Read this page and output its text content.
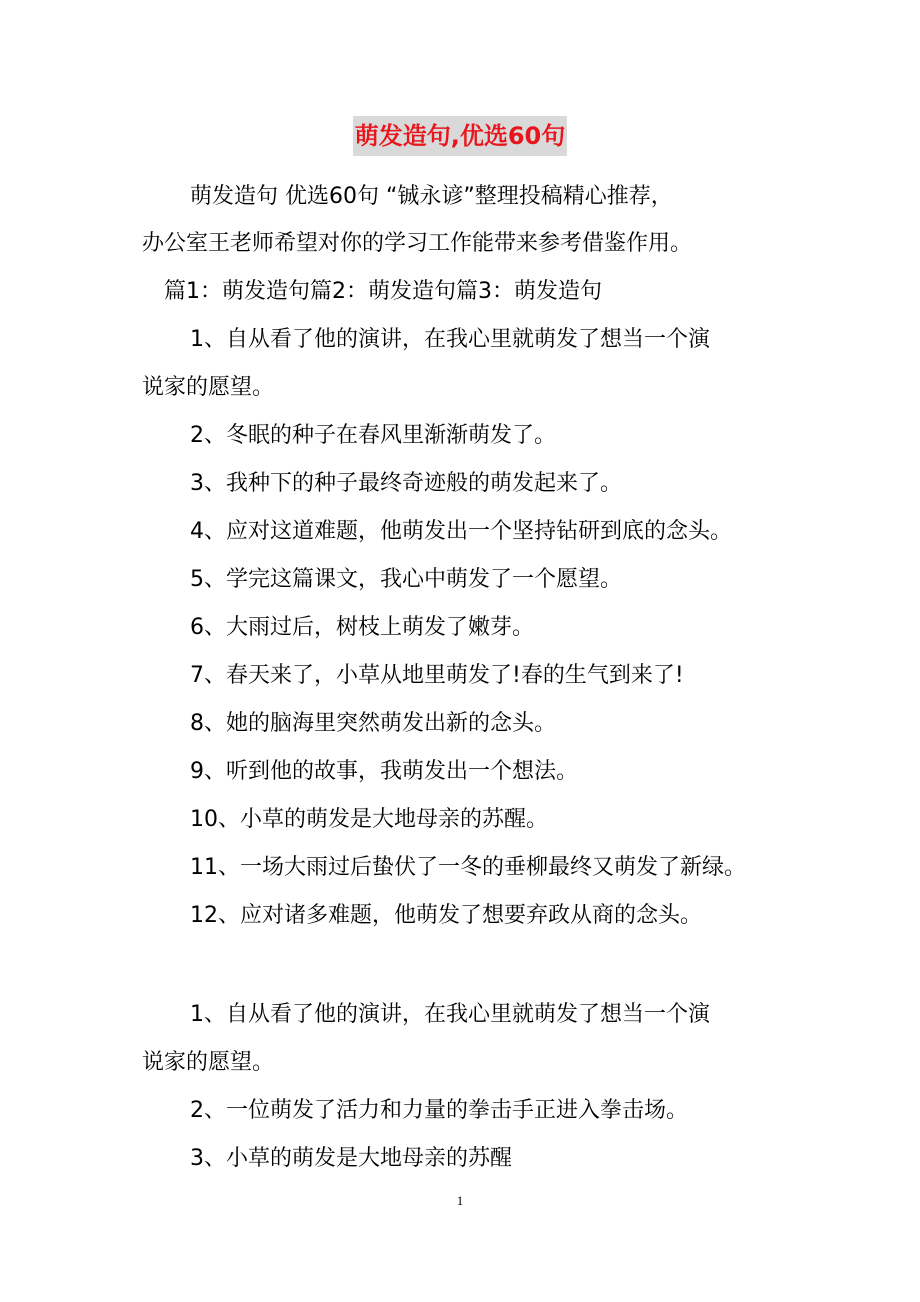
萌发造句,优选60句
萌发造句 优选60句 “铖永谚”整理投稿精心推荐，
办公室王老师希望对你的学习工作能带来参考借鉴作用。
篇1：萌发造句篇2：萌发造句篇3：萌发造句
1、自从看了他的演讲，在我心里就萌发了想当一个演
说家的愿望。
2、冬眠的种子在春风里渐渐萌发了。
3、我种下的种子最终奇迹般的萌发起来了。
4、应对这道难题，他萌发出一个坚持钻研到底的念头。
5、学完这篇课文，我心中萌发了一个愿望。
6、大雨过后，树枝上萌发了嫩芽。
7、春天来了，小草从地里萌发了!春的生气到来了!
8、她的脑海里突然萌发出新的念头。
9、听到他的故事，我萌发出一个想法。
10、小草的萌发是大地母亲的苏醒。
11、一场大雨过后蛰伏了一冬的垂柳最终又萌发了新绿。
12、应对诸多难题，他萌发了想要弃政从商的念头。
1、自从看了他的演讲，在我心里就萌发了想当一个演
说家的愿望。
2、一位萌发了活力和力量的拳击手正进入拳击场。
3、小草的萌发是大地母亲的苏醒
1
